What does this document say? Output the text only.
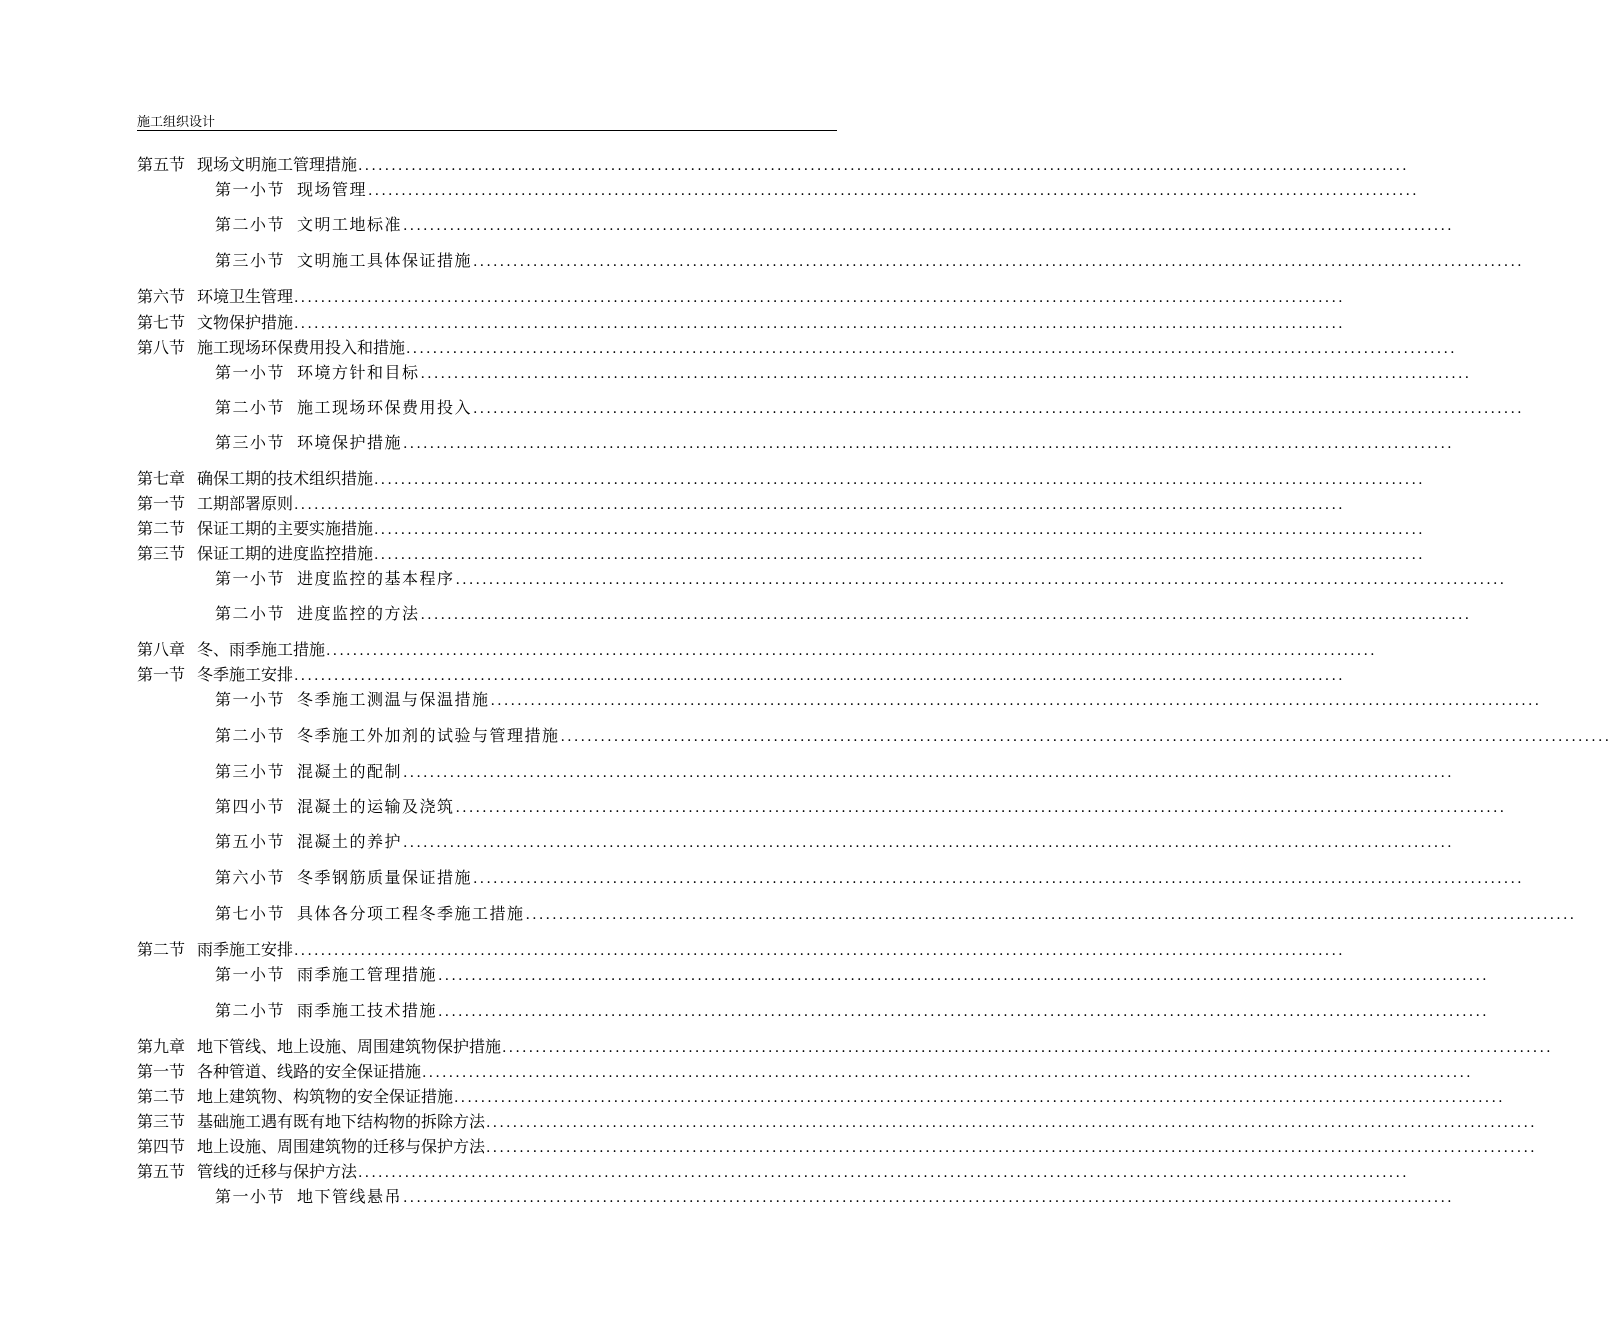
施工组织设计
第五节 现场文明施工管理措施 ..............................................................................................................................................................
第一小节 现场管理 ..............................................................................................................................................................
第二小节 文明工地标准 ..............................................................................................................................................................
第三小节 文明施工具体保证措施 ..............................................................................................................................................................
第六节 环境卫生管理 ..............................................................................................................................................................
第七节 文物保护措施 ..............................................................................................................................................................
第八节 施工现场环保费用投入和措施 ..............................................................................................................................................................
第一小节 环境方针和目标 ..............................................................................................................................................................
第二小节 施工现场环保费用投入 ..............................................................................................................................................................
第三小节 环境保护措施 ..............................................................................................................................................................
第七章 确保工期的技术组织措施 ..............................................................................................................................................................
第一节 工期部署原则 ..............................................................................................................................................................
第二节 保证工期的主要实施措施 ..............................................................................................................................................................
第三节 保证工期的进度监控措施 ..............................................................................................................................................................
第一小节 进度监控的基本程序 ..............................................................................................................................................................
第二小节 进度监控的方法 ..............................................................................................................................................................
第八章 冬、雨季施工措施 ..............................................................................................................................................................
第一节 冬季施工安排 ..............................................................................................................................................................
第一小节 冬季施工测温与保温措施 ..............................................................................................................................................................
第二小节 冬季施工外加剂的试验与管理措施 ..............................................................................................................................................................
第三小节 混凝土的配制 ..............................................................................................................................................................
第四小节 混凝土的运输及浇筑 ..............................................................................................................................................................
第五小节 混凝土的养护 ..............................................................................................................................................................
第六小节 冬季钢筋质量保证措施 ..............................................................................................................................................................
第七小节 具体各分项工程冬季施工措施 ..............................................................................................................................................................
第二节 雨季施工安排 ..............................................................................................................................................................
第一小节 雨季施工管理措施 ..............................................................................................................................................................
第二小节 雨季施工技术措施 ..............................................................................................................................................................
第九章 地下管线、地上设施、周围建筑物保护措施 ..............................................................................................................................................................
第一节 各种管道、线路的安全保证措施 ..............................................................................................................................................................
第二节 地上建筑物、构筑物的安全保证措施 ..............................................................................................................................................................
第三节 基础施工遇有既有地下结构物的拆除方法 ..............................................................................................................................................................
第四节 地上设施、周围建筑物的迁移与保护方法 ..............................................................................................................................................................
第五节 管线的迁移与保护方法 ..............................................................................................................................................................
第一小节 地下管线悬吊 ..............................................................................................................................................................
